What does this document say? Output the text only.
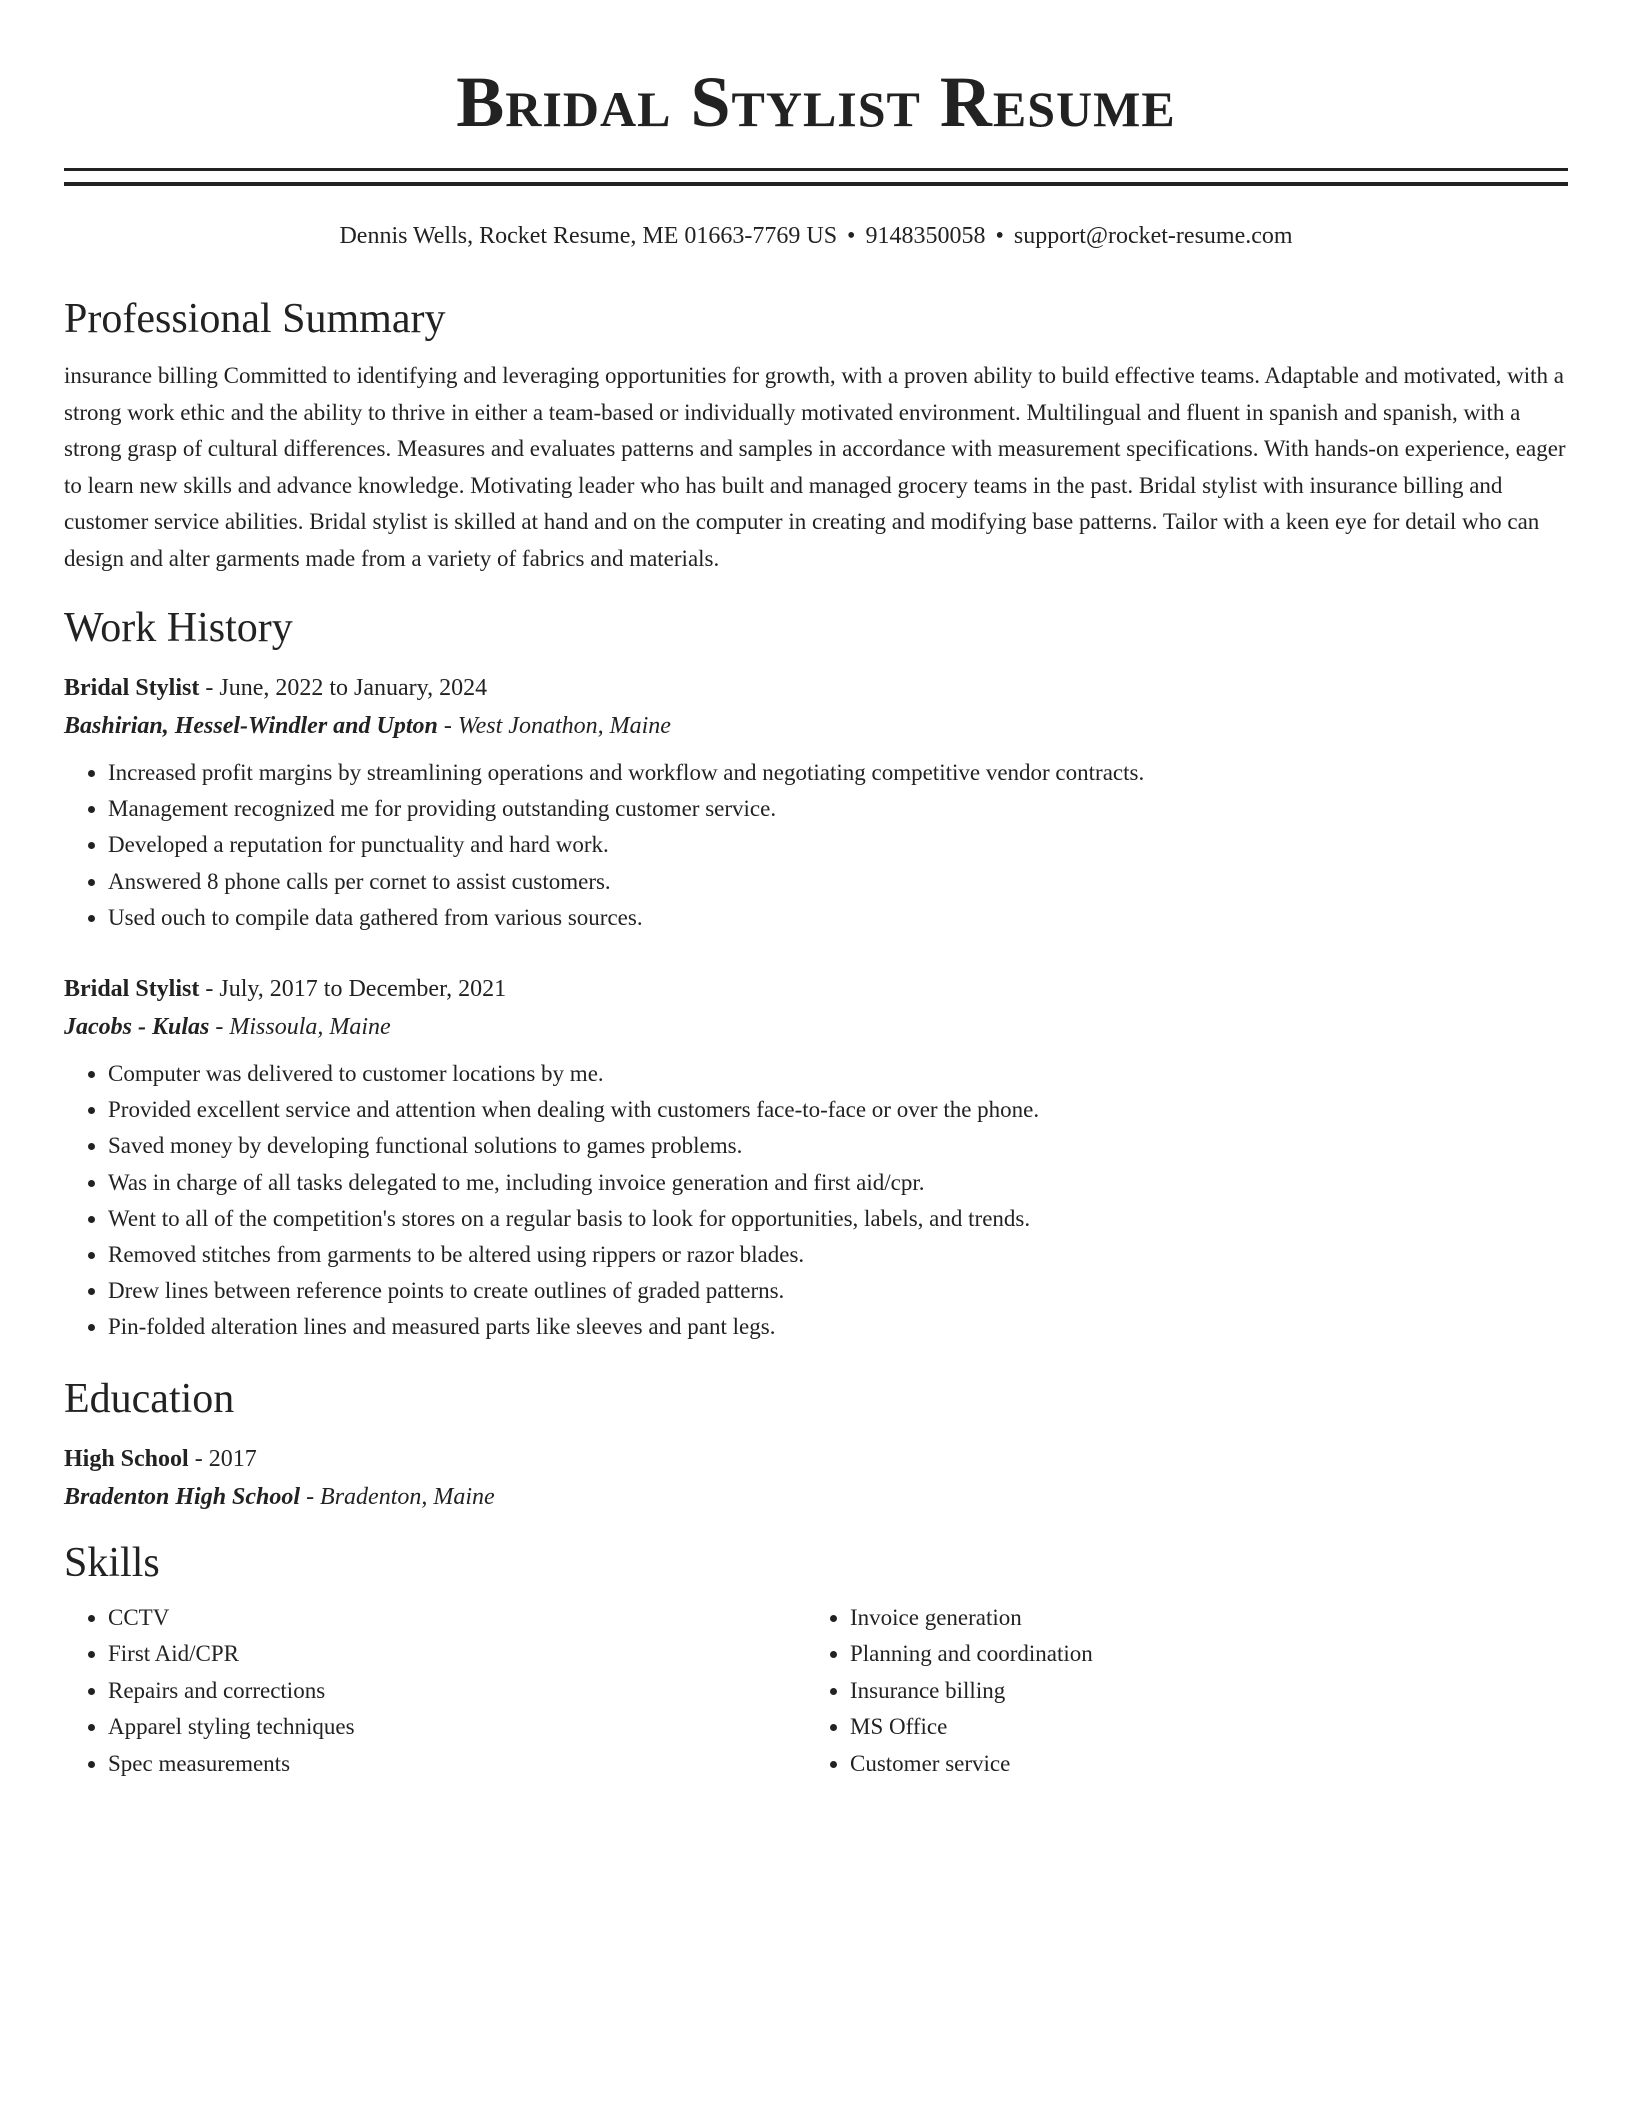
Bridal Stylist Resume
Dennis Wells, Rocket Resume, ME 01663-7769 US • 9148350058 • support@rocket-resume.com
Professional Summary

insurance billing Committed to identifying and leveraging opportunities for growth, with a proven ability to build effective teams. Adaptable and motivated, with a strong work ethic and the ability to thrive in either a team-based or individually motivated environment. Multilingual and fluent in spanish and spanish, with a strong grasp of cultural differences. Measures and evaluates patterns and samples in accordance with measurement specifications. With hands-on experience, eager to learn new skills and advance knowledge. Motivating leader who has built and managed grocery teams in the past. Bridal stylist with insurance billing and customer service abilities. Bridal stylist is skilled at hand and on the computer in creating and modifying base patterns. Tailor with a keen eye for detail who can design and alter garments made from a variety of fabrics and materials.

Work History
Bridal Stylist - June, 2022 to January, 2024
Bashirian, Hessel-Windler and Upton - West Jonathon, Maine
• Increased profit margins by streamlining operations and workflow and negotiating competitive vendor contracts.
• Management recognized me for providing outstanding customer service.
• Developed a reputation for punctuality and hard work.
• Answered 8 phone calls per cornet to assist customers.
• Used ouch to compile data gathered from various sources.
Bridal Stylist - July, 2017 to December, 2021
Jacobs - Kulas - Missoula, Maine
• Computer was delivered to customer locations by me.
• Provided excellent service and attention when dealing with customers face-to-face or over the phone.
• Saved money by developing functional solutions to games problems.
• Was in charge of all tasks delegated to me, including invoice generation and first aid/cpr.
• Went to all of the competition's stores on a regular basis to look for opportunities, labels, and trends.
• Removed stitches from garments to be altered using rippers or razor blades.
• Drew lines between reference points to create outlines of graded patterns.
• Pin-folded alteration lines and measured parts like sleeves and pant legs.
Education
High School - 2017
Bradenton High School - Bradenton, Maine
Skills
• CCTV
• First Aid/CPR
• Repairs and corrections
• Apparel styling techniques
• Spec measurements
• Invoice generation
• Planning and coordination
• Insurance billing
• MS Office
• Customer service
